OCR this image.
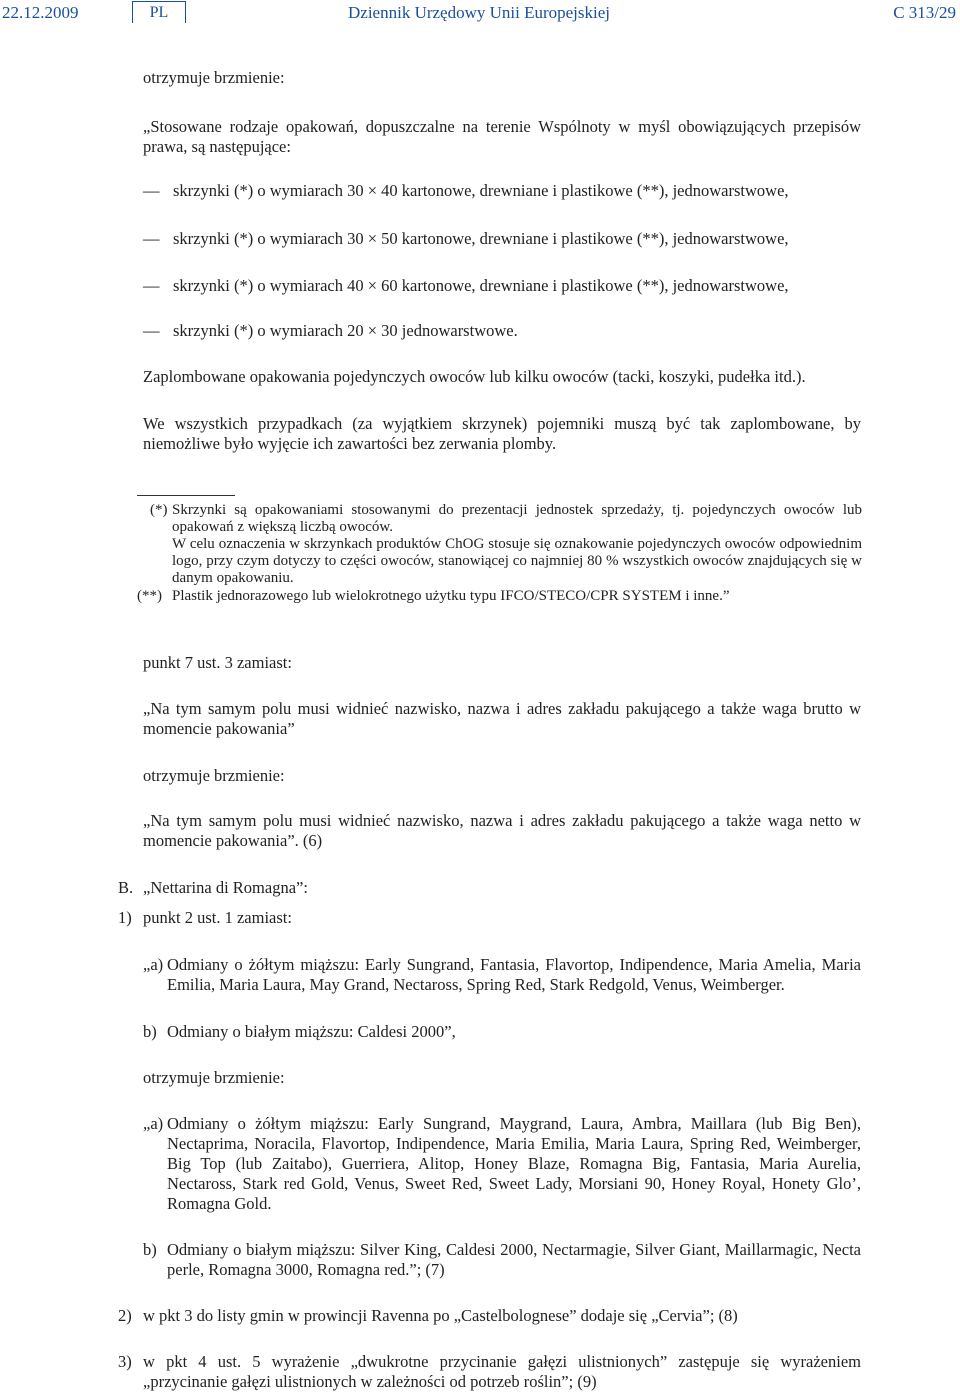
22.12.2009	PL	Dziennik Urzędowy Unii Europejskiej	C 313/29

otrzymuje brzmienie:

„Stosowane rodzaje opakowań, dopuszczalne na terenie Wspólnoty w myśl obowiązujących przepisów prawa, są następujące:

— skrzynki (*) o wymiarach 30 × 40 kartonowe, drewniane i plastikowe (**), jednowarstwowe,

— skrzynki (*) o wymiarach 30 × 50 kartonowe, drewniane i plastikowe (**), jednowarstwowe,

— skrzynki (*) o wymiarach 40 × 60 kartonowe, drewniane i plastikowe (**), jednowarstwowe,

— skrzynki (*) o wymiarach 20 × 30 jednowarstwowe.

Zaplombowane opakowania pojedynczych owoców lub kilku owoców (tacki, koszyki, pudełka itd.).

We wszystkich przypadkach (za wyjątkiem skrzynek) pojemniki muszą być tak zaplombowane, by niemożliwe było wyjęcie ich zawartości bez zerwania plomby.

(*) Skrzynki są opakowaniami stosowanymi do prezentacji jednostek sprzedaży, tj. pojedynczych owoców lub opakowań z większą liczbą owoców.
W celu oznaczenia w skrzynkach produktów ChOG stosuje się oznakowanie pojedynczych owoców odpowiednim logo, przy czym dotyczy to części owoców, stanowiącej co najmniej 80 % wszystkich owoców znajdujących się w danym opakowaniu.
(**) Plastik jednorazowego lub wielokrotnego użytku typu IFCO/STECO/CPR SYSTEM i inne.”

punkt 7 ust. 3 zamiast:

„Na tym samym polu musi widnieć nazwisko, nazwa i adres zakładu pakującego a także waga brutto w momencie pakowania”

otrzymuje brzmienie:

„Na tym samym polu musi widnieć nazwisko, nazwa i adres zakładu pakującego a także waga netto w momencie pakowania”. (6)

B. „Nettarina di Romagna”:

1) punkt 2 ust. 1 zamiast:

„a) Odmiany o żółtym miąższu: Early Sungrand, Fantasia, Flavortop, Indipendence, Maria Amelia, Maria Emilia, Maria Laura, May Grand, Nectaross, Spring Red, Stark Redgold, Venus, Weimberger.

b) Odmiany o białym miąższu: Caldesi 2000”,

otrzymuje brzmienie:

„a) Odmiany o żółtym miąższu: Early Sungrand, Maygrand, Laura, Ambra, Maillara (lub Big Ben), Nectaprima, Noracila, Flavortop, Indipendence, Maria Emilia, Maria Laura, Spring Red, Weimberger, Big Top (lub Zaitabo), Guerriera, Alitop, Honey Blaze, Romagna Big, Fantasia, Maria Aurelia, Nectaross, Stark red Gold, Venus, Sweet Red, Sweet Lady, Morsiani 90, Honey Royal, Honety Glo’, Romagna Gold.

b) Odmiany o białym miąższu: Silver King, Caldesi 2000, Nectarmagie, Silver Giant, Maillarmagic, Necta perle, Romagna 3000, Romagna red.”; (7)

2) w pkt 3 do listy gmin w prowincji Ravenna po „Castelbolognese” dodaje się „Cervia”; (8)

3) w pkt 4 ust. 5 wyrażenie „dwukrotne przycinanie gałęzi ulistnionych” zastępuje się wyrażeniem „przycinanie gałęzi ulistnionych w zależności od potrzeb roślin”; (9)
